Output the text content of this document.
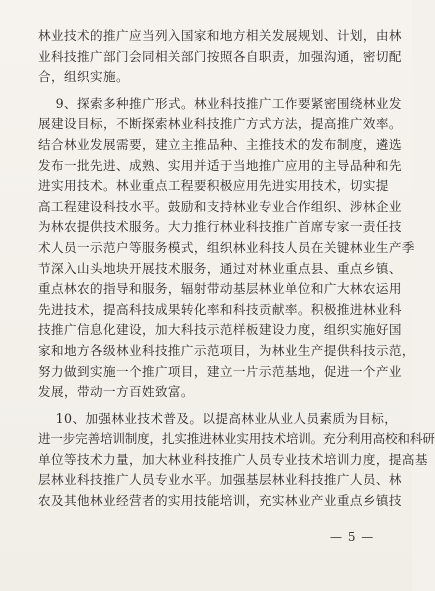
林业技术的推广应当列入国家和地方相关发展规划、计划，由林
业科技推广部门会同相关部门按照各自职责，加强沟通，密切配
合，组织实施。
9、探索多种推广形式。林业科技推广工作要紧密围绕林业发
展建设目标，不断探索林业科技推广方式方法，提高推广效率。
结合林业发展需要，建立主推品种、主推技术的发布制度，遴选
发布一批先进、成熟、实用并适于当地推广应用的主导品种和先
进实用技术。林业重点工程要积极应用先进实用技术，切实提
高工程建设科技水平。鼓励和支持林业专业合作组织、涉林企业
为林农提供技术服务。大力推行林业科技推广首席专家一责任技
术人员一示范户等服务模式，组织林业科技人员在关键林业生产季
节深入山头地块开展技术服务，通过对林业重点县、重点乡镇、
重点林农的指导和服务，辐射带动基层林业单位和广大林农运用
先进技术，提高科技成果转化率和科技贡献率。积极推进林业科
技推广信息化建设，加大科技示范样板建设力度，组织实施好国
家和地方各级林业科技推广示范项目，为林业生产提供科技示范，
努力做到实施一个推广项目，建立一片示范基地，促进一个产业
发展，带动一方百姓致富。
10、加强林业技术普及。以提高林业从业人员素质为目标，
进一步完善培训制度，扎实推进林业实用技术培训。充分利用高校和科研
单位等技术力量，加大林业科技推广人员专业技术培训力度，提高基
层林业科技推广人员专业水平。加强基层林业科技推广人员、林
农及其他林业经营者的实用技能培训，充实林业产业重点乡镇技
— 5 —
